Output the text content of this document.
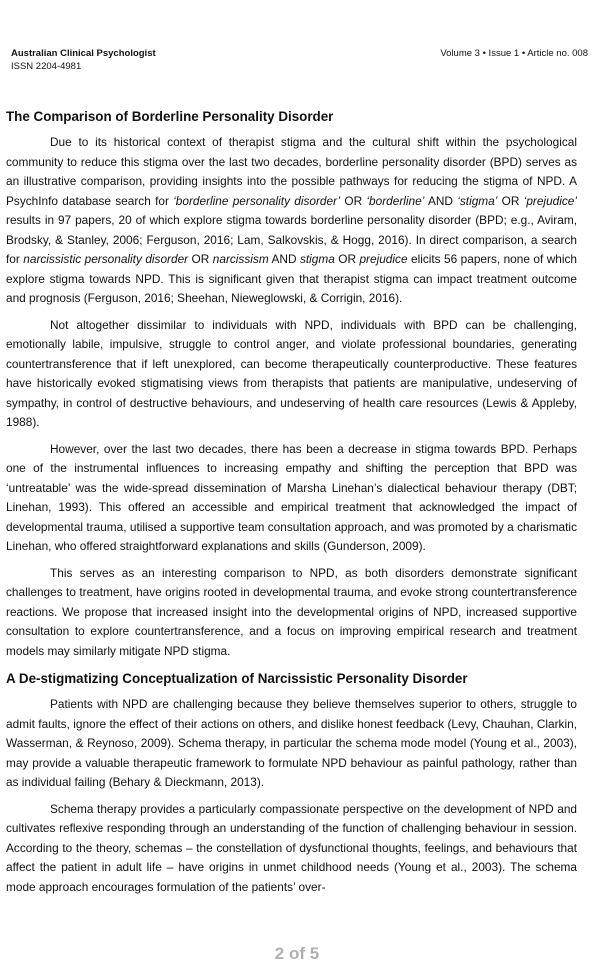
Australian Clinical Psychologist
ISSN 2204-4981
Volume 3 • Issue 1 • Article no. 008
The Comparison of Borderline Personality Disorder

Due to its historical context of therapist stigma and the cultural shift within the psychological community to reduce this stigma over the last two decades, borderline personality disorder (BPD) serves as an illustrative comparison, providing insights into the possible pathways for reducing the stigma of NPD. A PsychInfo database search for ‘borderline personality disorder’ OR ‘borderline’ AND ‘stigma’ OR ‘prejudice’ results in 97 papers, 20 of which explore stigma towards borderline personality disorder (BPD; e.g., Aviram, Brodsky, & Stanley, 2006; Ferguson, 2016; Lam, Salkovskis, & Hogg, 2016). In direct comparison, a search for narcissistic personality disorder OR narcissism AND stigma OR prejudice elicits 56 papers, none of which explore stigma towards NPD. This is significant given that therapist stigma can impact treatment outcome and prognosis (Ferguson, 2016; Sheehan, Nieweglowski, & Corrigin, 2016).

Not altogether dissimilar to individuals with NPD, individuals with BPD can be challenging, emotionally labile, impulsive, struggle to control anger, and violate professional boundaries, generating countertransference that if left unexplored, can become therapeutically counterproductive. These features have historically evoked stigmatising views from therapists that patients are manipulative, undeserving of sympathy, in control of destructive behaviours, and undeserving of health care resources (Lewis & Appleby, 1988).

However, over the last two decades, there has been a decrease in stigma towards BPD. Perhaps one of the instrumental influences to increasing empathy and shifting the perception that BPD was ‘untreatable’ was the wide-spread dissemination of Marsha Linehan’s dialectical behaviour therapy (DBT; Linehan, 1993). This offered an accessible and empirical treatment that acknowledged the impact of developmental trauma, utilised a supportive team consultation approach, and was promoted by a charismatic Linehan, who offered straightforward explanations and skills (Gunderson, 2009).

This serves as an interesting comparison to NPD, as both disorders demonstrate significant challenges to treatment, have origins rooted in developmental trauma, and evoke strong countertransference reactions. We propose that increased insight into the developmental origins of NPD, increased supportive consultation to explore countertransference, and a focus on improving empirical research and treatment models may similarly mitigate NPD stigma.

A De-stigmatizing Conceptualization of Narcissistic Personality Disorder

Patients with NPD are challenging because they believe themselves superior to others, struggle to admit faults, ignore the effect of their actions on others, and dislike honest feedback (Levy, Chauhan, Clarkin, Wasserman, & Reynoso, 2009). Schema therapy, in particular the schema mode model (Young et al., 2003), may provide a valuable therapeutic framework to formulate NPD behaviour as painful pathology, rather than as individual failing (Behary & Dieckmann, 2013).

Schema therapy provides a particularly compassionate perspective on the development of NPD and cultivates reflexive responding through an understanding of the function of challenging behaviour in session. According to the theory, schemas – the constellation of dysfunctional thoughts, feelings, and behaviours that affect the patient in adult life – have origins in unmet childhood needs (Young et al., 2003). The schema mode approach encourages formulation of the patients’ over-

2 of 5
